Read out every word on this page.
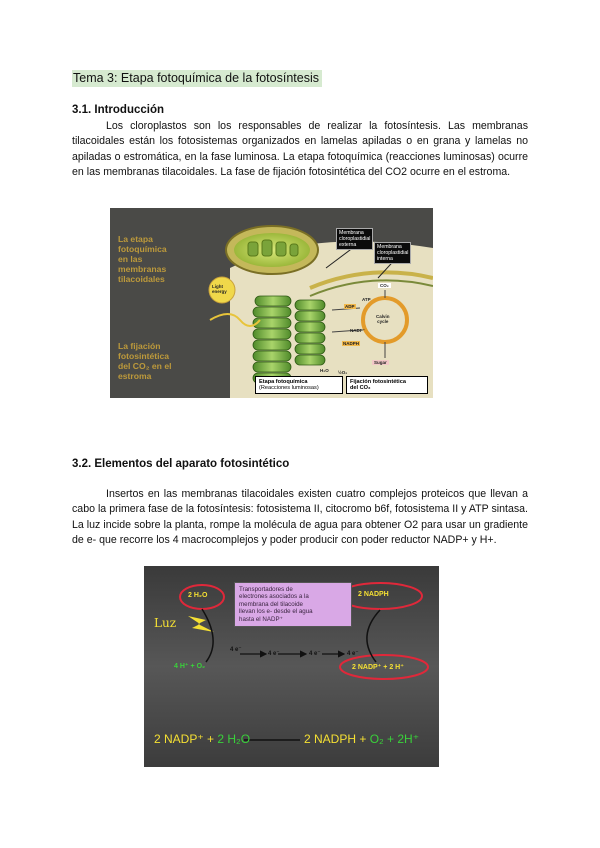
Tema 3: Etapa fotoquímica de la fotosíntesis
3.1. Introducción

Los cloroplastos son los responsables de realizar la fotosíntesis. Las membranas tilacoidales están los fotosistemas organizados en lamelas apiladas o en grana y lamelas no apiladas o estromática, en la fase luminosa. La etapa fotoquímica (reacciones luminosas) ocurre en las membranas tilacoidales. La fase de fijación fotosintética del CO2 ocurre en el estroma.

La etapa
fotoquímica
en las
membranas
tilacoidales
La fijación
fotosintética
del CO₂ en el
estroma
Membrana
cloroplastidial
externa	Membrana
cloroplastidial
interna
Light
energy
Calvin
cycle
CO₂
Sugar
ADP
ATP
NADP⁺
NADPH
H₂O ½O₂
Etapa fotoquímica
(Reacciones luminosas)
Fijación fotosintética
del CO₂
3.2. Elementos del aparato fotosintético

Insertos en las membranas tilacoidales existen cuatro complejos proteicos que llevan a cabo la primera fase de la fotosíntesis: fotosistema II, citocromo b6f, fotosistema II y ATP sintasa. La luz incide sobre la planta, rompe la molécula de agua para obtener O2 para usar un gradiente de e- que recorre los 4 macrocomplejos y poder producir con poder reductor NADP+ y H+.

Transportadores de
electrones asociados a la
membrana del tilacoide
llevan los e- desde el agua
hasta el NADP⁺
2 H₂O
Luz
4 H⁺ + O₂
4 e⁻
4 e⁻	4 e⁻	4 e⁻
2 NADPH
2 NADP⁺ + 2 H⁺
2 NADP⁺ + 2 H₂O	2 NADPH + O₂ + 2H⁺
